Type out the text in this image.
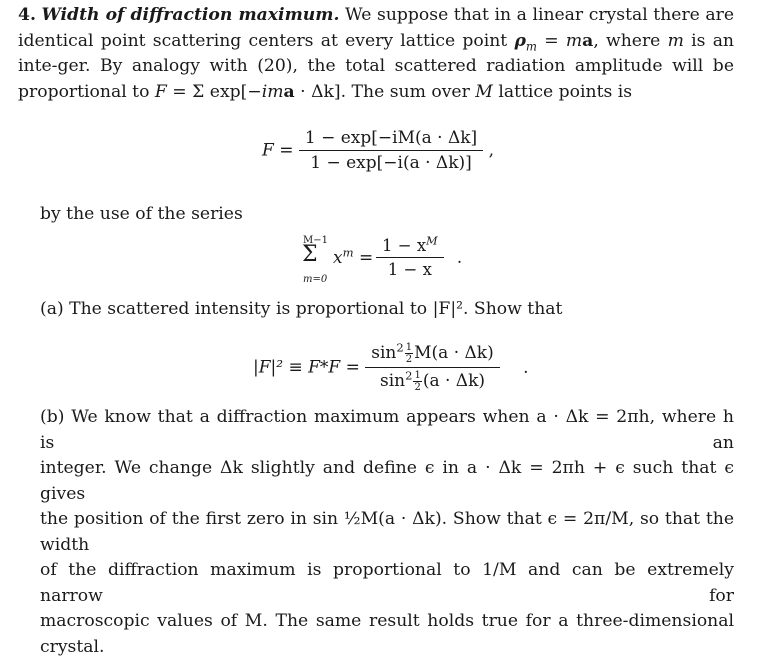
4. Width of diffraction maximum. We suppose that in a linear crystal there are identical point scattering centers at every lattice point $\rho_m$ = ma, where m is an inte-ger. By analogy with (20), the total scattered radiation amplitude will be proportional to F = Σ exp[−ima · Δk]. The sum over M lattice points is
$F = \frac{1 - \exp[-iM(a \cdot \Delta k]}{1 - \exp[-i(a \cdot \Delta k)]}$ ,
by the use of the series
M−1
Σ
m=0
$x^m = \frac{1 - x^M}{1 - x}$ .
(a) The scattered intensity is proportional to |F|². Show that
$|F|^2 \equiv F*F = \frac{\sin^2 \frac{1}{2} M(a \cdot \Delta k)}{\sin^2 \frac{1}{2} (a \cdot \Delta k)}$ .
(b) We know that a diffraction maximum appears when a · Δk = 2πh, where h is an
integer. We change Δk slightly and define ϵ in a · Δk = 2πh + ϵ such that ϵ gives
the position of the first zero in sin ½M(a · Δk). Show that ϵ = 2π/M, so that the width
of the diffraction maximum is proportional to 1/M and can be extremely narrow for
macroscopic values of M. The same result holds true for a three-dimensional crystal.
